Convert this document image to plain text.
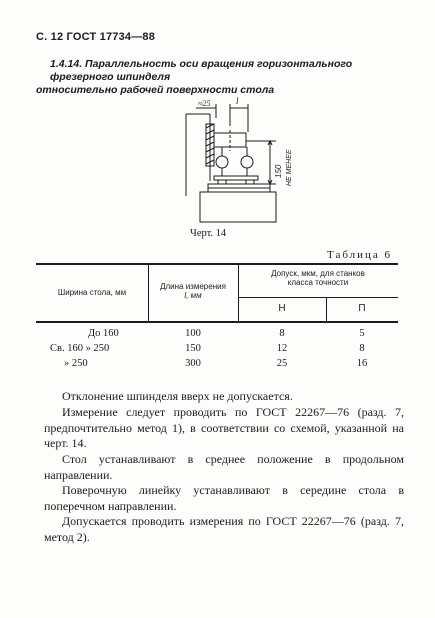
С. 12 ГОСТ 17734—88
1.4.14. Параллельность оси вращения горизонтального фрезерного шпинделя
относительно рабочей поверхности стола
≈25	l
150 НЕ МЕНЕЕ
Черт. 14
Таблица 6
Ширина стола, мм
Длина измерения
l, мм
Допуск, мкм, для станков
класса точности
Н	П
До 160	100	8	5
Св. 160 » 250	150	12	8
» 250	300	25	16
Отклонение шпинделя вверх не допускается.
Измерение следует проводить по ГОСТ 22267—76 (разд. 7, предпочтительно метод 1), в соответствии со схемой, указанной на черт. 14.
Стол устанавливают в среднее положение в продольном направлении.
Поверочную линейку устанавливают в середине стола в поперечном направлении.
Допускается проводить измерения по ГОСТ 22267—76 (разд. 7, метод 2).
